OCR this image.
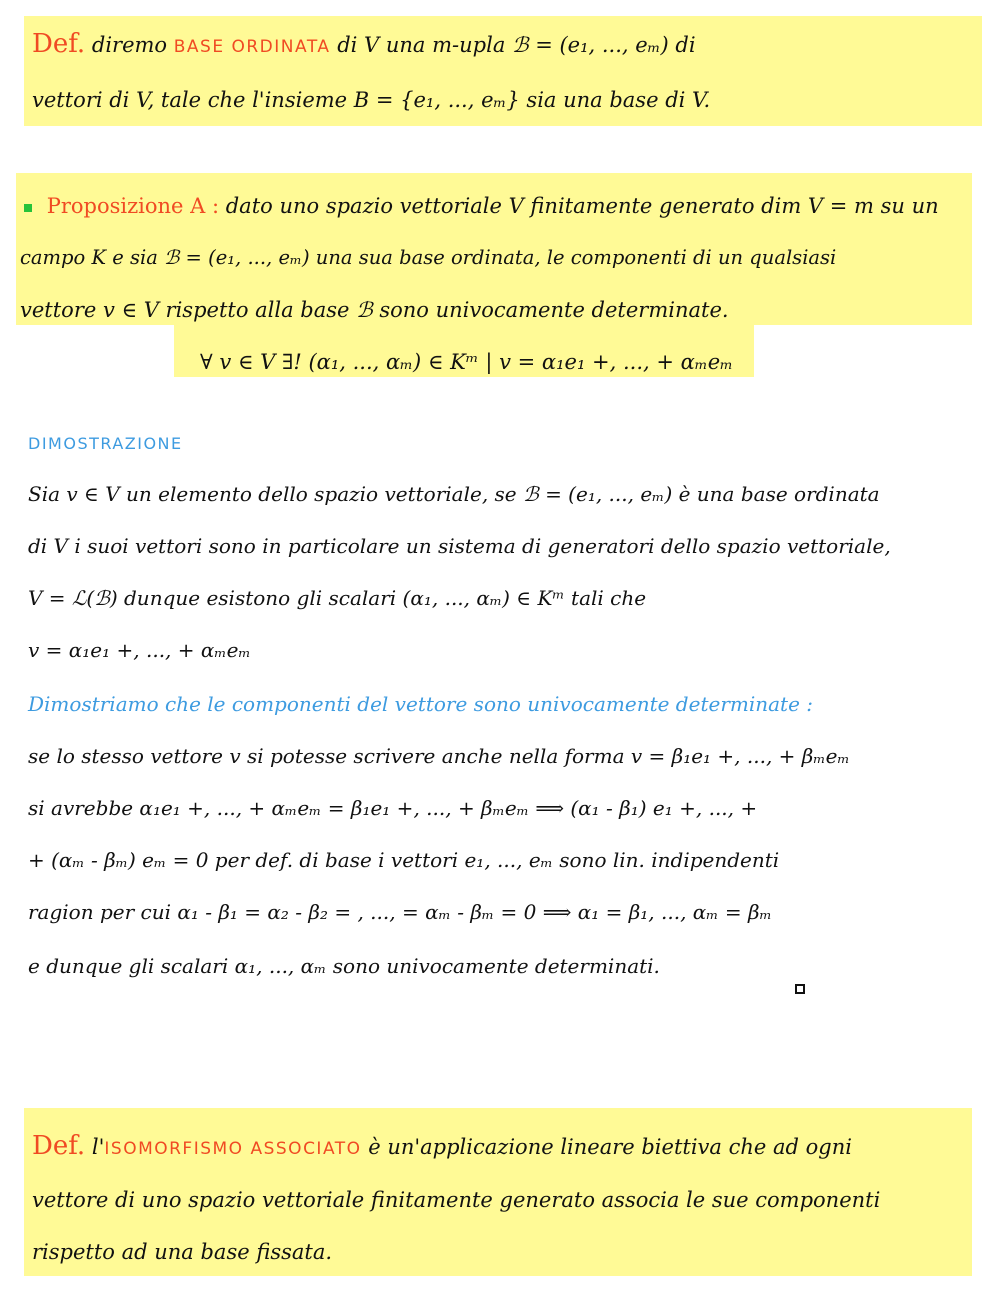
Def. diremo BASE ORDINATA di V una m-upla ℬ = (e₁, ..., eₘ) di
vettori di V, tale che l'insieme B = {e₁, ..., eₘ} sia una base di V.
Proposizione A : dato uno spazio vettoriale V finitamente generato dim V = m su un
campo K e sia ℬ = (e₁, ..., eₘ) una sua base ordinata, le componenti di un qualsiasi
vettore v ∈ V rispetto alla base ℬ sono univocamente determinate.
∀ v ∈ V ∃! (α₁, ..., αₘ) ∈ Kᵐ | v = α₁e₁ +, ..., + αₘeₘ
DIMOSTRAZIONE
Sia v ∈ V un elemento dello spazio vettoriale, se ℬ = (e₁, ..., eₘ) è una base ordinata
di V i suoi vettori sono in particolare un sistema di generatori dello spazio vettoriale,
V = ℒ(ℬ) dunque esistono gli scalari (α₁, ..., αₘ) ∈ Kᵐ tali che
v = α₁e₁ +, ..., + αₘeₘ
Dimostriamo che le componenti del vettore sono univocamente determinate :
se lo stesso vettore v si potesse scrivere anche nella forma v = β₁e₁ +, ..., + βₘeₘ
si avrebbe α₁e₁ +, ..., + αₘeₘ = β₁e₁ +, ..., + βₘeₘ ⟹ (α₁ - β₁) e₁ +, ..., +
+ (αₘ - βₘ) eₘ = 0 per def. di base i vettori e₁, ..., eₘ sono lin. indipendenti
ragion per cui α₁ - β₁ = α₂ - β₂ = , ..., = αₘ - βₘ = 0 ⟹ α₁ = β₁, ..., αₘ = βₘ
e dunque gli scalari α₁, ..., αₘ sono univocamente determinati.
Def. l'ISOMORFISMO ASSOCIATO è un'applicazione lineare biettiva che ad ogni
vettore di uno spazio vettoriale finitamente generato associa le sue componenti
rispetto ad una base fissata.
